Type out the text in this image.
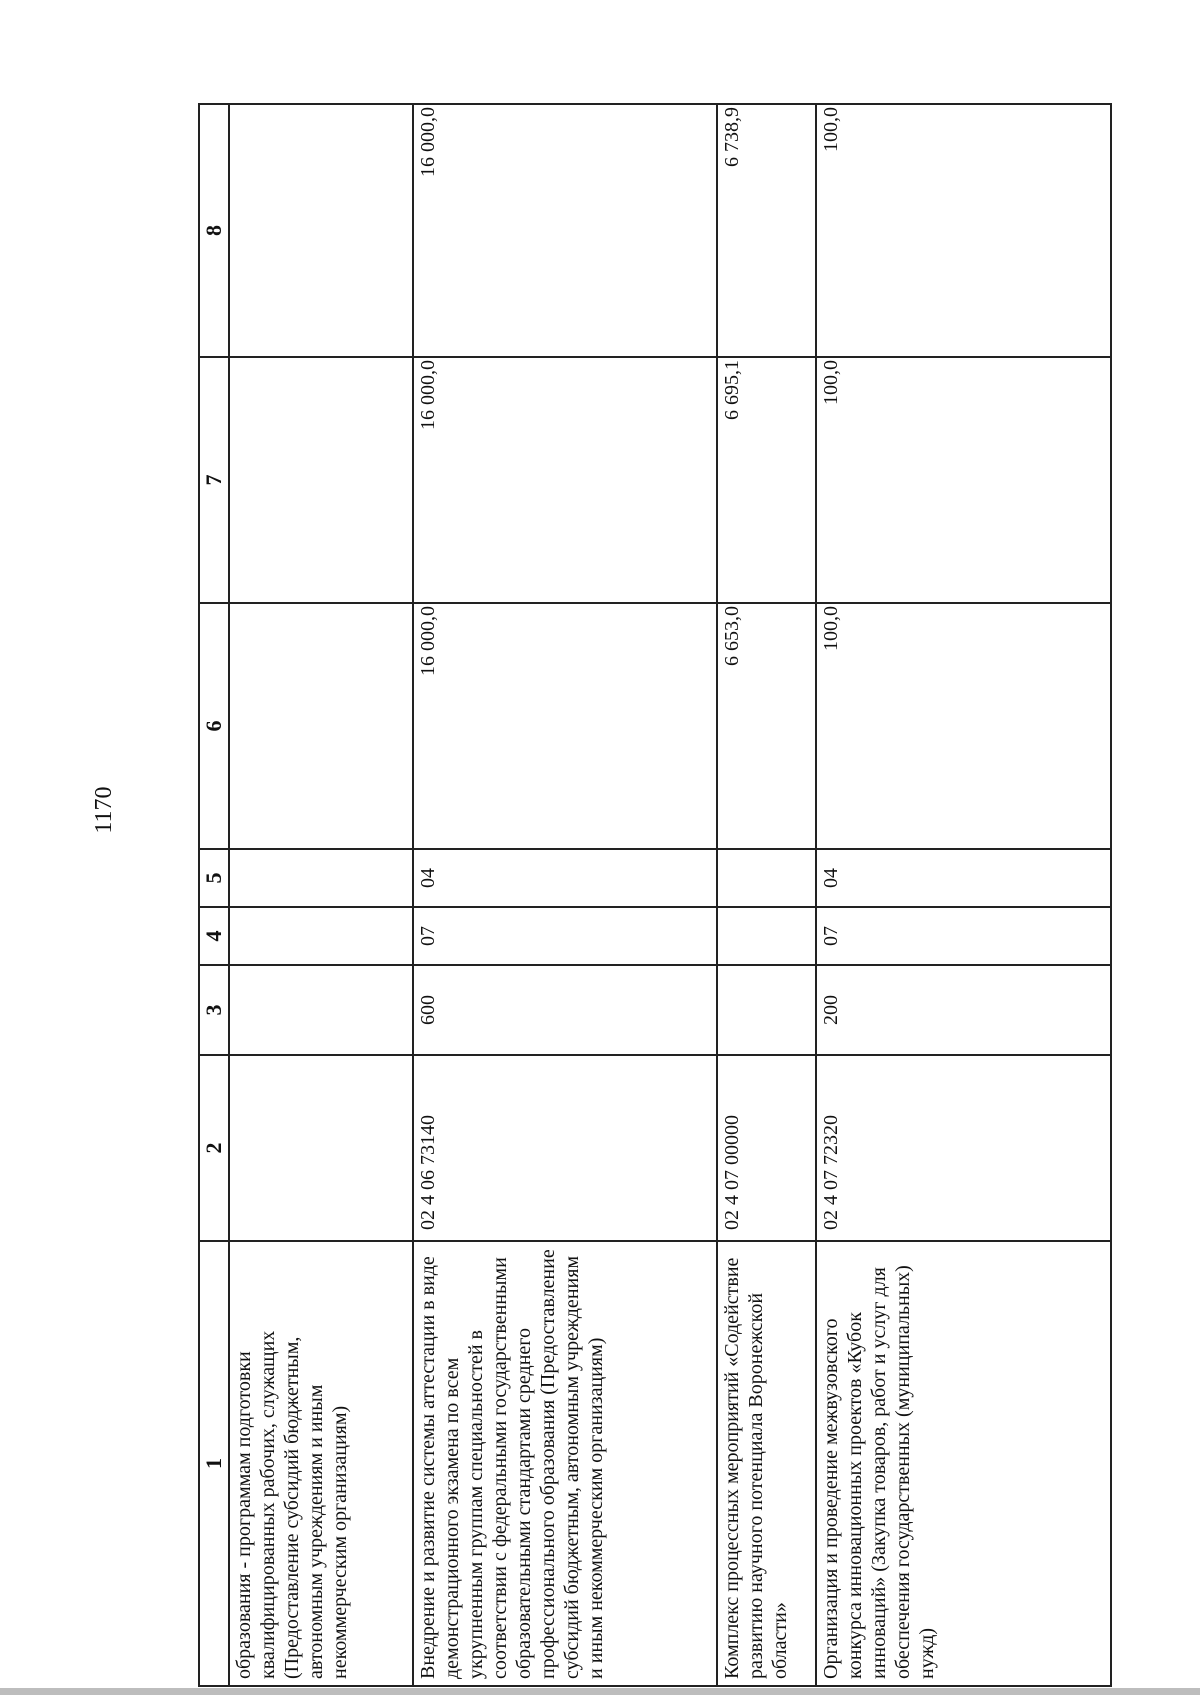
1170
1	2	3	4	5	6	7	8
образования - программам подготовки квалифицированных рабочих, служащих (Предоставление субсидий бюджетным, автономным учреждениям и иным некоммерческим организациям)							
Внедрение и развитие системы аттестации в виде демонстрационного экзамена по всем укрупненным группам специальностей в соответствии с федеральными государственными образовательными стандартами среднего профессионального образования (Предоставление субсидий бюджетным, автономным учреждениям и иным некоммерческим организациям)	02 4 06 73140	600	07	04	16 000,0	16 000,0	16 000,0
Комплекс процессных мероприятий «Содействие развитию научного потенциала Воронежской области»	02 4 07 00000				6 653,0	6 695,1	6 738,9
Организация и проведение межвузовского конкурса инновационных проектов «Кубок инноваций» (Закупка товаров, работ и услуг для обеспечения государственных (муниципальных) нужд)	02 4 07 72320	200	07	04	100,0	100,0	100,0
